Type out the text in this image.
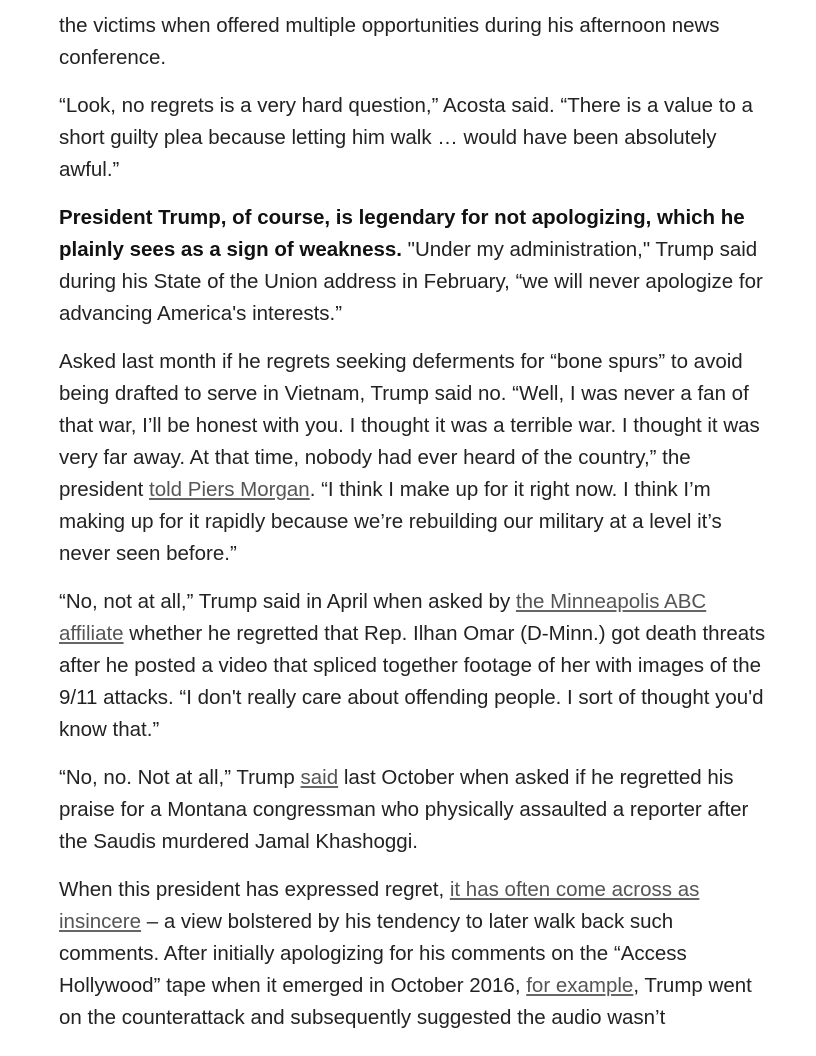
the victims when offered multiple opportunities during his afternoon news conference.

“Look, no regrets is a very hard question,” Acosta said. “There is a value to a short guilty plea because letting him walk … would have been absolutely awful.”

President Trump, of course, is legendary for not apologizing, which he plainly sees as a sign of weakness. "Under my administration," Trump said during his State of the Union address in February, “we will never apologize for advancing America's interests.”

Asked last month if he regrets seeking deferments for “bone spurs” to avoid being drafted to serve in Vietnam, Trump said no. “Well, I was never a fan of that war, I’ll be honest with you. I thought it was a terrible war. I thought it was very far away. At that time, nobody had ever heard of the country,” the president told Piers Morgan. “I think I make up for it right now. I think I’m making up for it rapidly because we’re rebuilding our military at a level it’s never seen before.”

“No, not at all,” Trump said in April when asked by the Minneapolis ABC affiliate whether he regretted that Rep. Ilhan Omar (D-Minn.) got death threats after he posted a video that spliced together footage of her with images of the 9/11 attacks. “I don't really care about offending people. I sort of thought you'd know that.”

“No, no. Not at all,” Trump said last October when asked if he regretted his praise for a Montana congressman who physically assaulted a reporter after the Saudis murdered Jamal Khashoggi.

When this president has expressed regret, it has often come across as insincere – a view bolstered by his tendency to later walk back such comments. After initially apologizing for his comments on the “Access Hollywood” tape when it emerged in October 2016, for example, Trump went on the counterattack and subsequently suggested the audio wasn’t
